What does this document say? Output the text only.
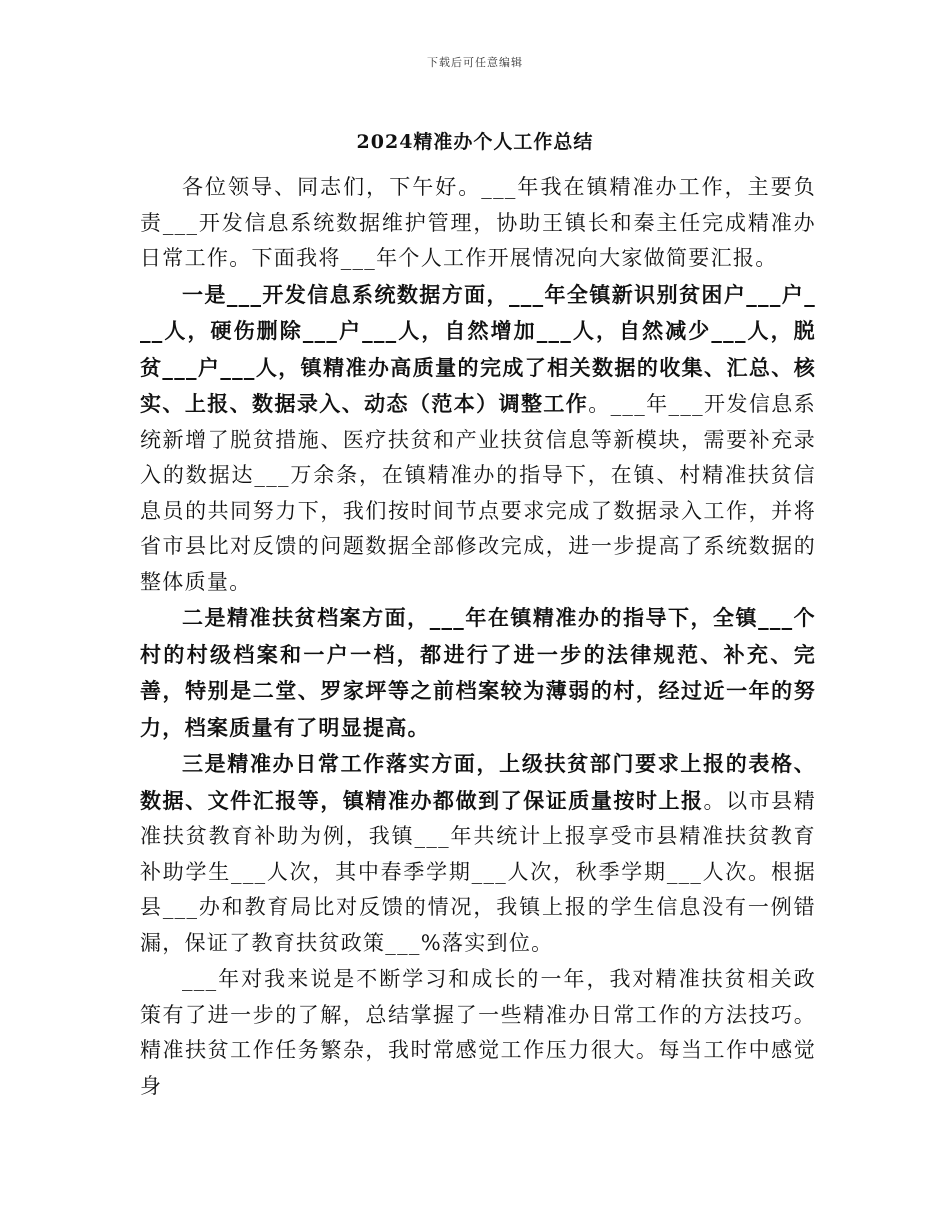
下载后可任意编辑
2024精准办个人工作总结

各位领导、同志们，下午好。___年我在镇精准办工作，主要负责___开发信息系统数据维护管理，协助王镇长和秦主任完成精准办日常工作。下面我将___年个人工作开展情况向大家做简要汇报。

一是___开发信息系统数据方面，___年全镇新识别贫困户___户___人，硬伤删除___户___人，自然增加___人，自然减少___人，脱贫___户___人，镇精准办高质量的完成了相关数据的收集、汇总、核实、上报、数据录入、动态（范本）调整工作。___年___开发信息系统新增了脱贫措施、医疗扶贫和产业扶贫信息等新模块，需要补充录入的数据达___万余条，在镇精准办的指导下，在镇、村精准扶贫信息员的共同努力下，我们按时间节点要求完成了数据录入工作，并将省市县比对反馈的问题数据全部修改完成，进一步提高了系统数据的整体质量。

二是精准扶贫档案方面，___年在镇精准办的指导下，全镇___个村的村级档案和一户一档，都进行了进一步的法律规范、补充、完善，特别是二堂、罗家坪等之前档案较为薄弱的村，经过近一年的努力，档案质量有了明显提高。

三是精准办日常工作落实方面，上级扶贫部门要求上报的表格、数据、文件汇报等，镇精准办都做到了保证质量按时上报。以市县精准扶贫教育补助为例，我镇___年共统计上报享受市县精准扶贫教育补助学生___人次，其中春季学期___人次，秋季学期___人次。根据县___办和教育局比对反馈的情况，我镇上报的学生信息没有一例错漏，保证了教育扶贫政策___%落实到位。

___年对我来说是不断学习和成长的一年，我对精准扶贫相关政策有了进一步的了解，总结掌握了一些精准办日常工作的方法技巧。精准扶贫工作任务繁杂，我时常感觉工作压力很大。每当工作中感觉身
